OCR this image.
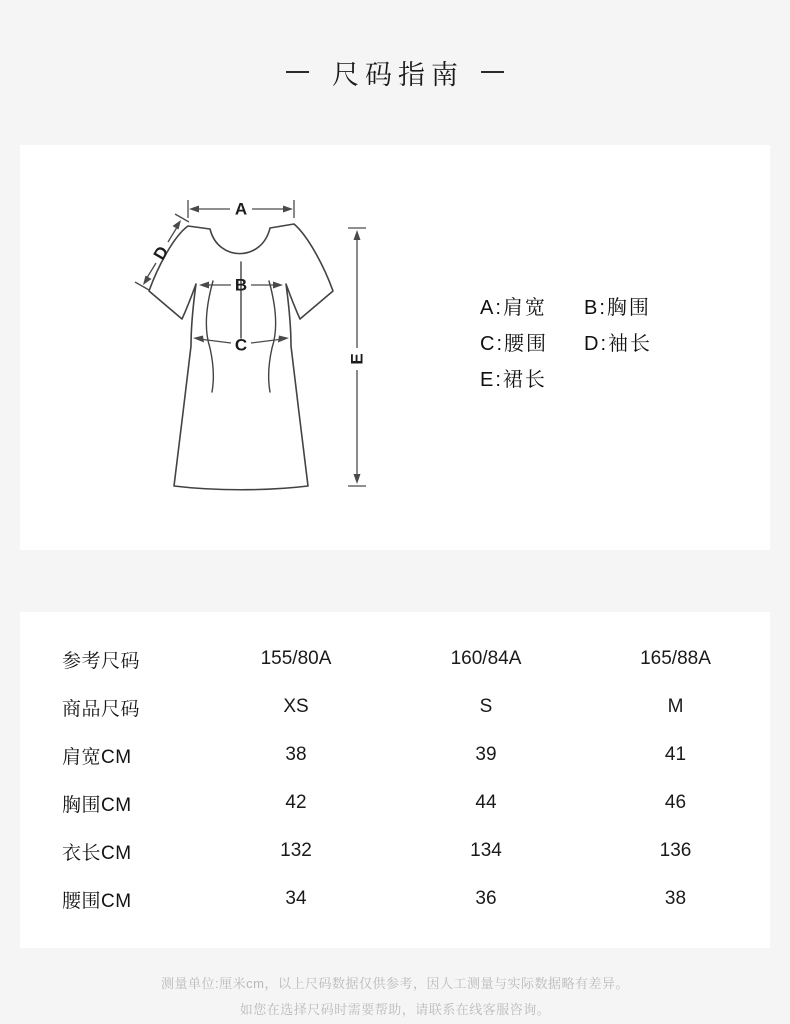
尺码指南
A
B
C
D
E
A:肩宽	B:胸围
C:腰围	D:袖长
E:裙长
参考尺码	155/80A	160/84A	165/88A
商品尺码	XS	S	M
肩宽CM	38	39	41
胸围CM	42	44	46
衣长CM	132	134	136
腰围CM	34	36	38
测量单位:厘米cm，以上尺码数据仅供参考，因人工测量与实际数据略有差异。
如您在选择尺码时需要帮助，请联系在线客服咨询。
